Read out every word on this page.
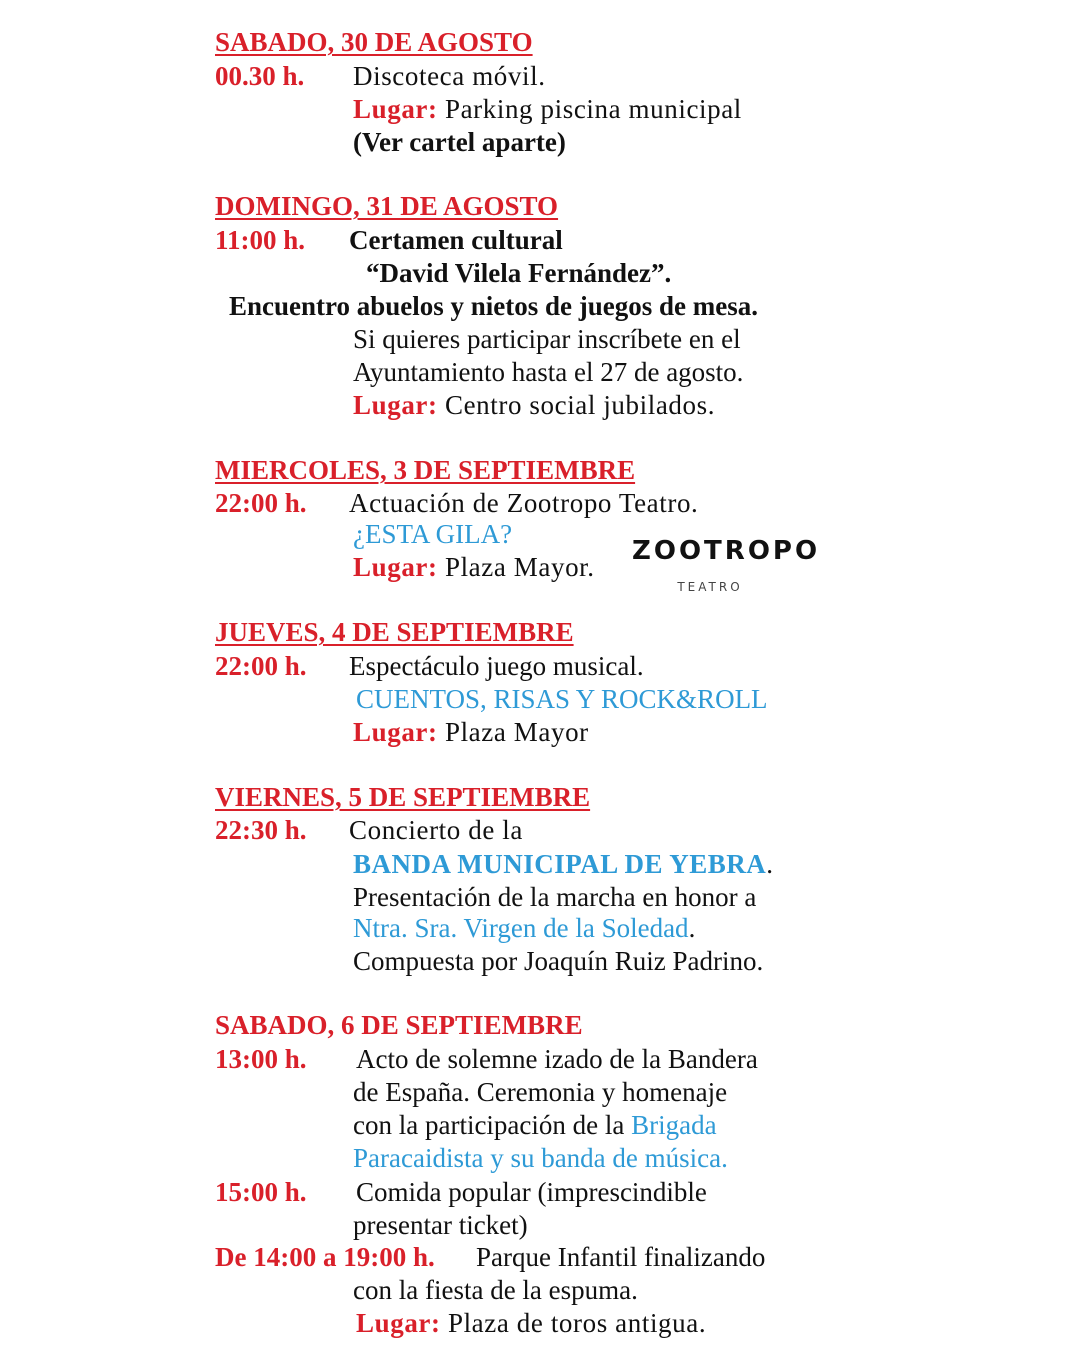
SABADO, 30 DE AGOSTO
00.30 h. Discoteca móvil.
Lugar: Parking piscina municipal
(Ver cartel aparte)
DOMINGO, 31 DE AGOSTO
11:00 h. Certamen cultural
“David Vilela Fernández”.
Encuentro abuelos y nietos de juegos de mesa.
Si quieres participar inscríbete en el
Ayuntamiento hasta el 27 de agosto.
Lugar: Centro social jubilados.
MIERCOLES, 3 DE SEPTIEMBRE
22:00 h. Actuación de Zootropo Teatro.
¿ESTA GILA?
Lugar: Plaza Mayor.
ZOOTROPO
TEATRO
JUEVES, 4 DE SEPTIEMBRE
22:00 h. Espectáculo juego musical.
CUENTOS, RISAS Y ROCK&ROLL
Lugar: Plaza Mayor
VIERNES, 5 DE SEPTIEMBRE
22:30 h. Concierto de la
BANDA MUNICIPAL DE YEBRA.
Presentación de la marcha en honor a
Ntra. Sra. Virgen de la Soledad.
Compuesta por Joaquín Ruiz Padrino.
SABADO, 6 DE SEPTIEMBRE
13:00 h. Acto de solemne izado de la Bandera
de España. Ceremonia y homenaje
con la participación de la Brigada
Paracaidista y su banda de música.
15:00 h. Comida popular (imprescindible
presentar ticket)
De 14:00 a 19:00 h. Parque Infantil finalizando
con la fiesta de la espuma.
Lugar: Plaza de toros antigua.
